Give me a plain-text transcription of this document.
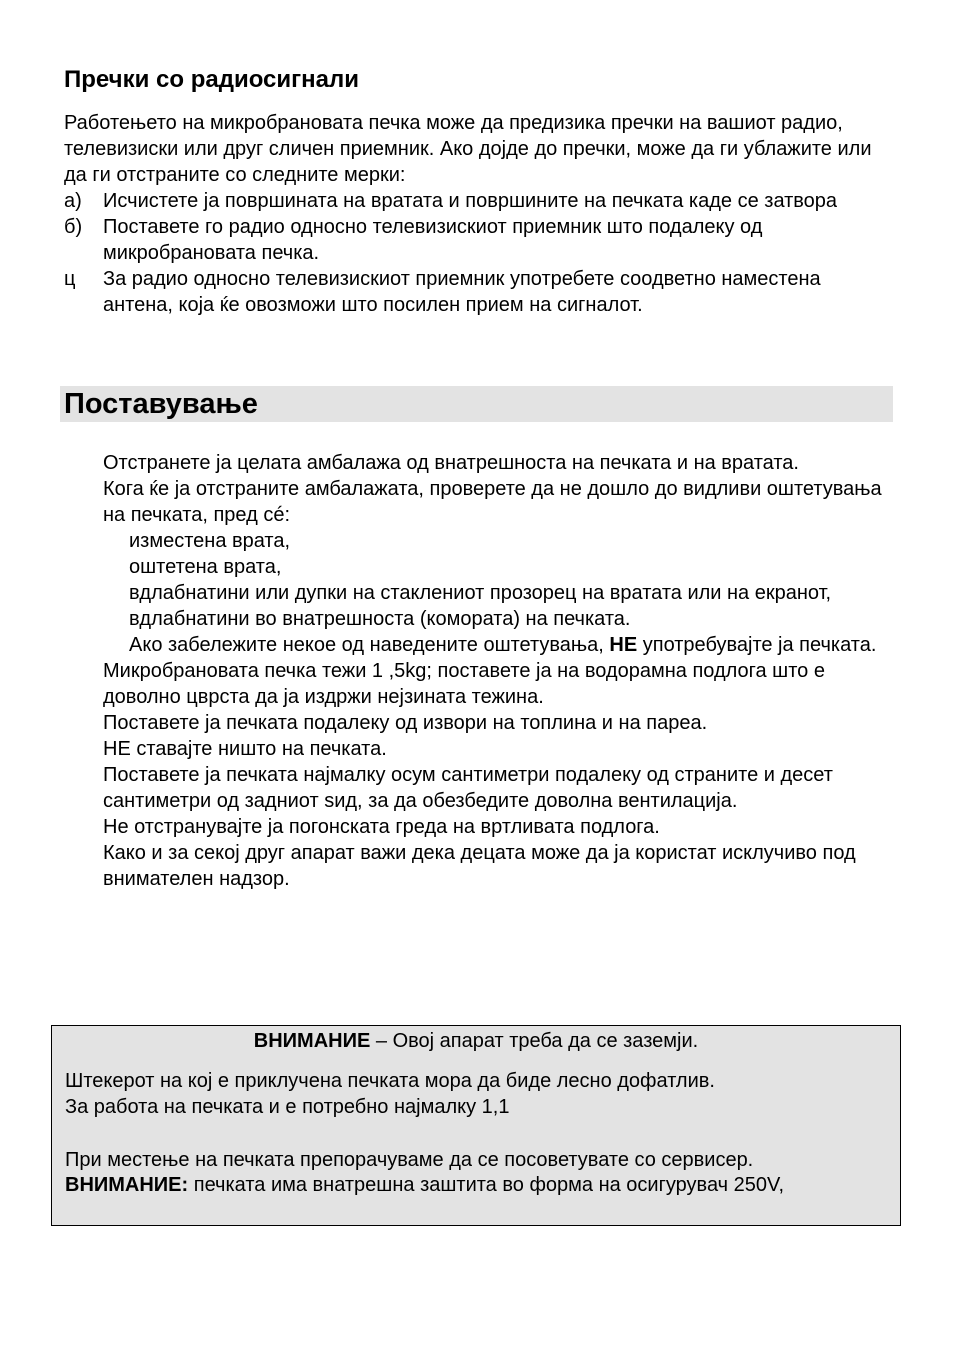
Пречки со радиосигнали

Работењето на микробрановата печка може да предизика пречки на вашиот радио, телевизиски или друг сличен приемник. Ако дојде до пречки, може да ги ублажите или да ги отстраните со следните мерки:

а) Исчистете ја површината на вратата и површините на печката каде се затвора
б) Поставете го радио односно телевизискиот приемник што подалеку од микробрановата печка.
ц За радио односно телевизискиот приемник употребете соодветно наместена антена, која ќе овозможи што посилен прием на сигналот.
Поставување

Отстранете ја целата амбалажа од внатрешноста на печката и на вратата.

Кога ќе ја отстраните амбалажата, проверете да не дошло до видливи оштетувања на печката, пред сé:

изместена врата,

оштетена врата,

вдлабнатини или дупки на стаклениот прозорец на вратата или на екранот,

вдлабнатини во внатрешноста (комората) на печката.

Ако забележите некое од наведените оштетувања, НЕ употребувајте ја печката.

Микробрановата печка тежи 1 ,5kg; поставете ја на водорамна подлога што е доволно цврста да ја издржи нејзината тежина.

Поставете ја печката подалеку од извори на топлина и на пареа.

НЕ ставајте ништо на печката.

Поставете ја печката најмалку осум сантиметри подалеку од страните и десет сантиметри од задниот ѕид, за да обезбедите доволна вентилација.

Не отстранувајте ја погонската греда на вртливата подлога.

Како и за секој друг апарат важи дека децата може да ја користат исклучиво под внимателен надзор.

ВНИМАНИЕ – Овој апарат треба да се заземји.

Штекерот на кој е приклучена печката мора да биде лесно дофатлив.

За работа на печката и е потребно најмалку 1,1

При местење на печката препорачуваме да се посоветувате со сервисер.

ВНИМАНИЕ: печката има внатрешна заштита во форма на осигурувач 250V,
